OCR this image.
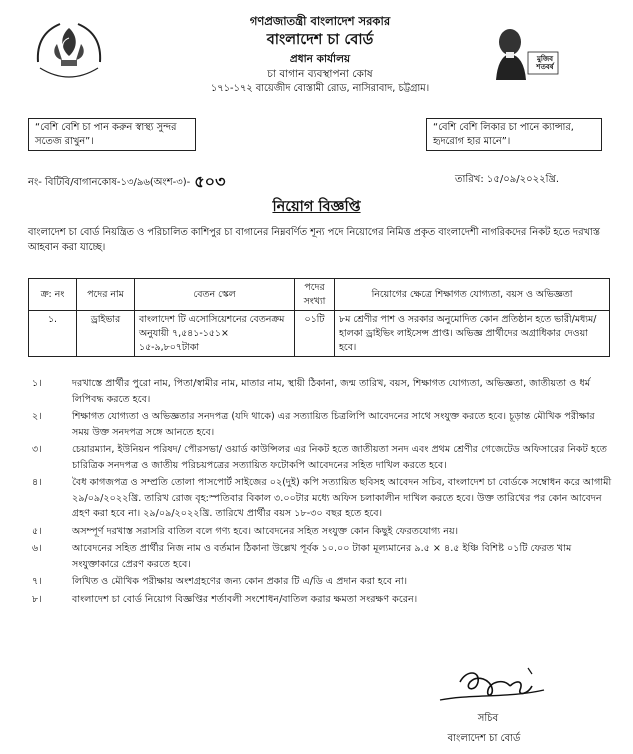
মুজিব শতবর্ষ
গণপ্রজাতন্ত্রী বাংলাদেশ সরকার
বাংলাদেশ চা বোর্ড
প্রধান কার্যালয়
চা বাগান ব্যবস্থাপনা কোষ
১৭১-১৭২ বায়েজীদ বোস্তামী রোড, নাসিরাবাদ, চট্টগ্রাম।
“বেশি বেশি চা পান করুন স্বাস্থ্য সুন্দর সতেজ রাখুন”।
“বেশি বেশি লিকার চা পানে ক্যান্সার, হৃদরোগ হার মানে”।
নং- বিটিবি/বাগানকোষ-১৩/৯৬(অংশ-৩)- ৫০৩	তারিখ: ১৫/০৯/২০২২খ্রি.
নিয়োগ বিজ্ঞপ্তি
বাংলাদেশ চা বোর্ড নিয়ন্ত্রিত ও পরিচালিত কাশিপুর চা বাগানের নিম্নবর্ণিত শূন্য পদে নিয়োগের নিমিত্ত প্রকৃত বাংলাদেশী নাগরিকদের নিকট হতে দরখাস্ত আহবান করা যাচ্ছে।
ক্র: নং	পদের নাম	বেতন স্কেল	পদের সংখ্যা	নিয়োগের ক্ষেত্রে শিক্ষাগত যোগ্যতা, বয়স ও অভিজ্ঞতা
১.	ড্রাইভার	বাংলাদেশ টি এসোসিয়েশনের বেতনক্রম অনুযায়ী ৭,৫৪১-১৫১× ১৫-৯,৮০৭টাকা	০১টি	৮ম শ্রেণীর পাশ ও সরকার অনুমোদিত কোন প্রতিষ্ঠান হতে ভারী/মধ্যম/হালকা ড্রাইভিং লাইসেন্স প্রাপ্ত। অভিজ্ঞ প্রার্থীদের অগ্রাধিকার দেওয়া হবে।
১।	দরখাস্তে প্রার্থীর পুরো নাম, পিতা/স্বামীর নাম, মাতার নাম, স্থায়ী ঠিকানা, জন্ম তারিখ, বয়স, শিক্ষাগত যোগ্যতা, অভিজ্ঞতা, জাতীয়তা ও ধর্ম লিপিবদ্ধ করতে হবে।
২।	শিক্ষাগত যোগ্যতা ও অভিজ্ঞতার সনদপত্র (যদি থাকে) এর সত্যায়িত চিত্রলিপি আবেদনের সাথে সংযুক্ত করতে হবে। চূড়ান্ত মৌখিক পরীক্ষার সময় উক্ত সনদপত্র সঙ্গে আনতে হবে।
৩।	চেয়ারম্যান, ইউনিয়ন পরিষদ/ পৌরসভা/ ওয়ার্ড কাউন্সিলর এর নিকট হতে জাতীয়তা সনদ এবং প্রথম শ্রেণীর গেজেটেড অফিসারের নিকট হতে চারিত্রিক সনদপত্র ও জাতীয় পরিচয়পত্রের সত্যায়িত ফটোকপি আবেদনের সহিত দাখিল করতে হবে।
৪।	বৈধ কাগজপত্র ও সম্প্রতি তোলা পাসপোর্ট সাইজের ০২(দুই) কপি সত্যায়িত ছবিসহ আবেদন সচিব, বাংলাদেশ চা বোর্ডকে সম্বোধন করে আগামী ২৯/০৯/২০২২খ্রি. তারিখ রোজ বৃহ:স্পতিবার বিকাল ৩.০০টার মধ্যে অফিস চলাকালীন দাখিল করতে হবে। উক্ত তারিখের পর কোন আবেদন গ্রহণ করা হবে না। ২৯/০৯/২০২২খ্রি. তারিখে প্রার্থীর বয়স ১৮-৩০ বছর হতে হবে।
৫।	অসম্পূর্ণ দরখাস্ত সরাসরি বাতিল বলে গণ্য হবে। আবেদনের সহিত সংযুক্ত কোন কিছুই ফেরতযোগ্য নয়।
৬।	আবেদনের সহিত প্রার্থীর নিজ নাম ও বর্তমান ঠিকানা উল্লেখ পূর্বক ১০.০০ টাকা মূল্যমানের ৯.৫ × ৪.৫ ইঞ্চি বিশিষ্ট ০১টি ফেরত খাম সংযুক্তাকারে প্রেরণ করতে হবে।
৭।	লিখিত ও মৌখিক পরীক্ষায় অংশগ্রহণের জন্য কোন প্রকার টি এ/ডি এ প্রদান করা হবে না।
৮।	বাংলাদেশ চা বোর্ড নিয়োগ বিজ্ঞপ্তির শর্তাবলী সংশোধন/বাতিল করার ক্ষমতা সংরক্ষণ করেন।
সচিব
বাংলাদেশ চা বোর্ড
